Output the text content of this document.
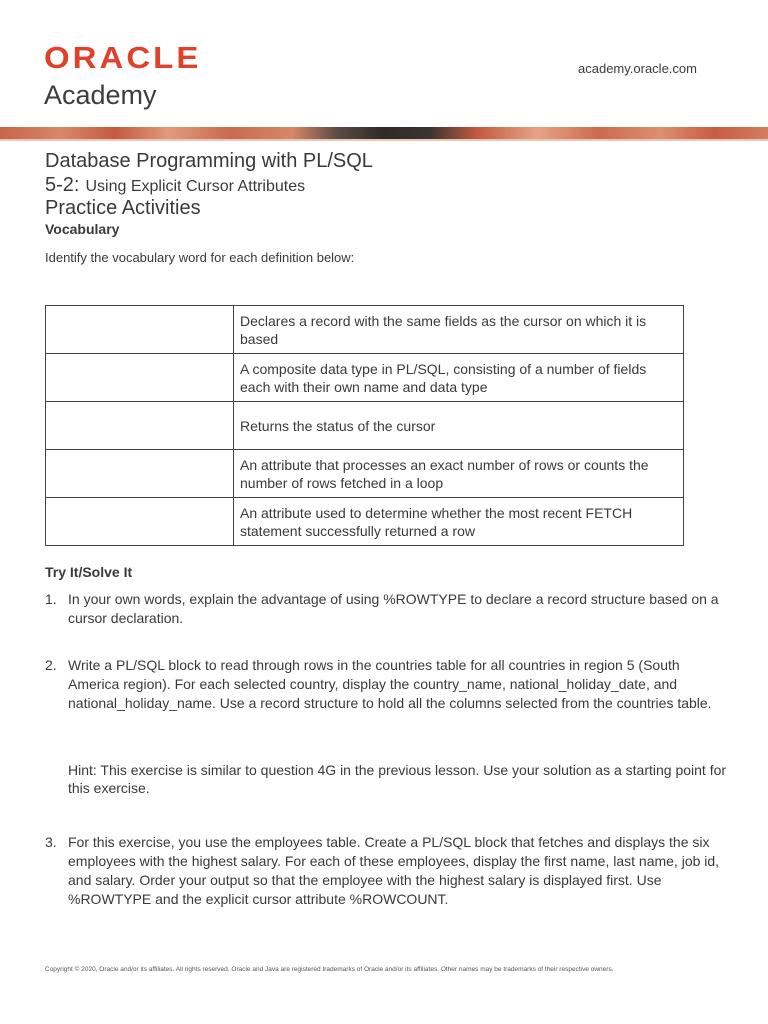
ORACLE
Academy
academy.oracle.com
Database Programming with PL/SQL
5-2: Using Explicit Cursor Attributes
Practice Activities
Vocabulary
Identify the vocabulary word for each definition below:
	Declares a record with the same fields as the cursor on which it is based
	A composite data type in PL/SQL, consisting of a number of fields each with their own name and data type
	Returns the status of the cursor
	An attribute that processes an exact number of rows or counts the number of rows fetched in a loop
	An attribute used to determine whether the most recent FETCH statement successfully returned a row
Try It/Solve It
1. In your own words, explain the advantage of using %ROWTYPE to declare a record structure based on a cursor declaration.
2. Write a PL/SQL block to read through rows in the countries table for all countries in region 5 (South America region). For each selected country, display the country_name, national_holiday_date, and national_holiday_name. Use a record structure to hold all the columns selected from the countries table.
Hint: This exercise is similar to question 4G in the previous lesson. Use your solution as a starting point for this exercise.
3. For this exercise, you use the employees table. Create a PL/SQL block that fetches and displays the six employees with the highest salary. For each of these employees, display the first name, last name, job id, and salary. Order your output so that the employee with the highest salary is displayed first. Use %ROWTYPE and the explicit cursor attribute %ROWCOUNT.
Copyright © 2020, Oracle and/or its affiliates. All rights reserved. Oracle and Java are registered trademarks of Oracle and/or its affiliates. Other names may be trademarks of their respective owners.
